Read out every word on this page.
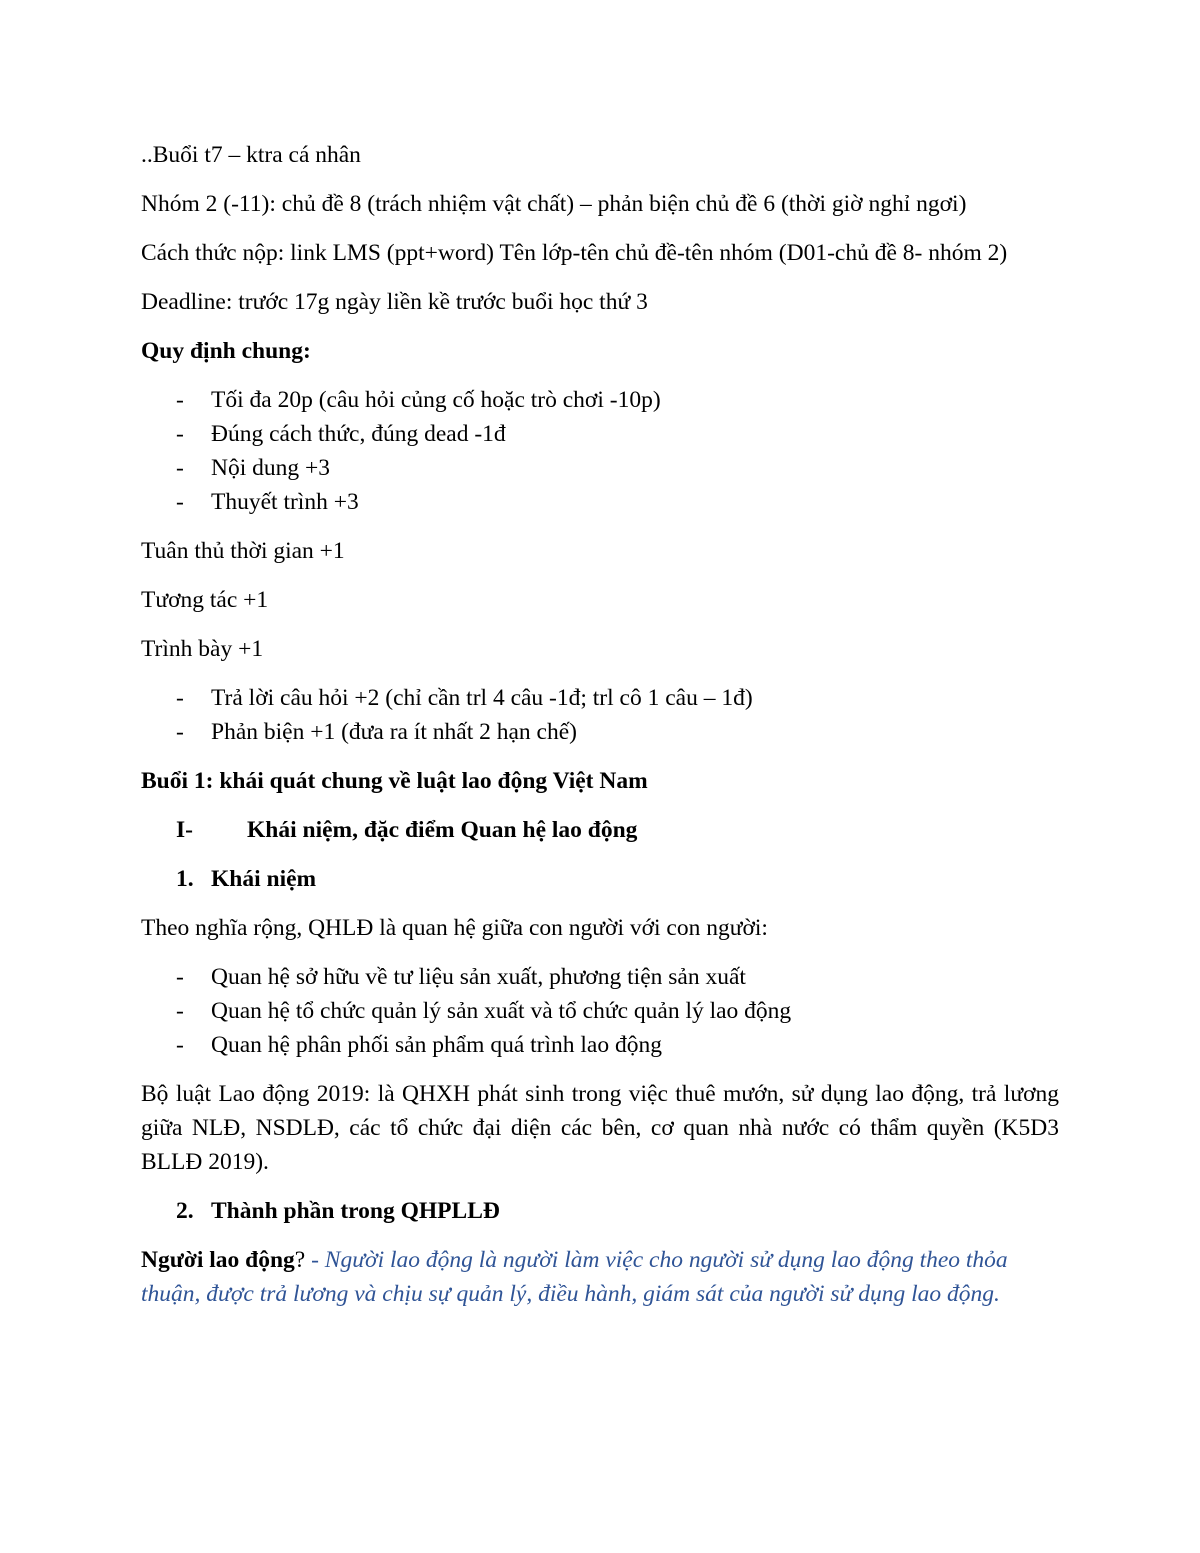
..Buổi t7 – ktra cá nhân

Nhóm 2 (-11): chủ đề 8 (trách nhiệm vật chất) – phản biện chủ đề 6 (thời giờ nghỉ ngơi)

Cách thức nộp: link LMS (ppt+word) Tên lớp-tên chủ đề-tên nhóm (D01-chủ đề 8- nhóm 2)

Deadline: trước 17g ngày liền kề trước buổi học thứ 3

Quy định chung:

- Tối đa 20p (câu hỏi củng cố hoặc trò chơi -10p)
- Đúng cách thức, đúng dead -1đ
- Nội dung +3
- Thuyết trình +3

Tuân thủ thời gian +1

Tương tác +1

Trình bày +1

- Trả lời câu hỏi +2 (chỉ cần trl 4 câu -1đ; trl cô 1 câu – 1đ)
- Phản biện +1 (đưa ra ít nhất 2 hạn chế)

Buổi 1: khái quát chung về luật lao động Việt Nam

I- Khái niệm, đặc điểm Quan hệ lao động

1. Khái niệm

Theo nghĩa rộng, QHLĐ là quan hệ giữa con người với con người:

- Quan hệ sở hữu về tư liệu sản xuất, phương tiện sản xuất
- Quan hệ tổ chức quản lý sản xuất và tổ chức quản lý lao động
- Quan hệ phân phối sản phẩm quá trình lao động

Bộ luật Lao động 2019: là QHXH phát sinh trong việc thuê mướn, sử dụng lao động, trả lương giữa NLĐ, NSDLĐ, các tổ chức đại diện các bên, cơ quan nhà nước có thẩm quyền (K5D3 BLLĐ 2019).

2. Thành phần trong QHPLLĐ

Người lao động? - Người lao động là người làm việc cho người sử dụng lao động theo thỏa thuận, được trả lương và chịu sự quản lý, điều hành, giám sát của người sử dụng lao động.
